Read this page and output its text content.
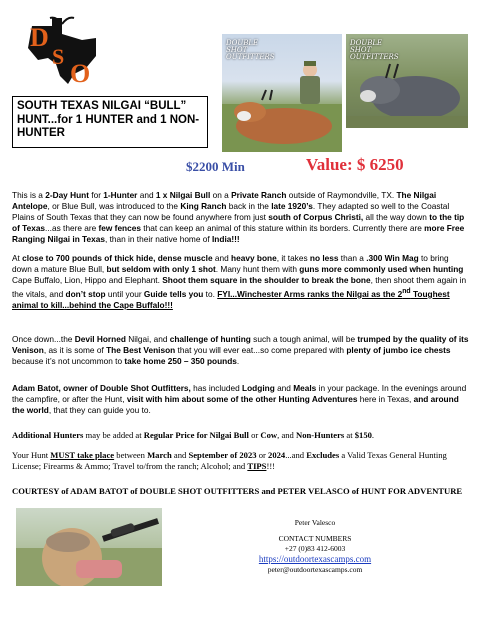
D
S
O
DOUBLE
SHOT
OUTFITTERS
DOUBLE
SHOT
OUTFITTERS
SOUTH TEXAS NILGAI “BULL” HUNT...for 1 HUNTER and 1 NON-HUNTER
$2200 Min	Value: $ 6250
This is a 2-Day Hunt for 1-Hunter and 1 x Nilgai Bull on a Private Ranch outside of Raymondville, TX. The Nilgai Antelope, or Blue Bull, was introduced to the King Ranch back in the late 1920’s. They adapted so well to the Coastal Plains of South Texas that they can now be found anywhere from just south of Corpus Christi, all the way down to the tip of Texas...as there are few fences that can keep an animal of this stature within its borders. Currently there are more Free Ranging Nilgai in Texas, than in their native home of India!!!
At close to 700 pounds of thick hide, dense muscle and heavy bone, it takes no less than a .300 Win Mag to bring down a mature Blue Bull, but seldom with only 1 shot. Many hunt them with guns more commonly used when hunting Cape Buffalo, Lion, Hippo and Elephant. Shoot them square in the shoulder to break the bone, then shoot them again in the vitals, and don’t stop until your Guide tells you to. FYI...Winchester Arms ranks the Nilgai as the 2nd Toughest animal to kill...behind the Cape Buffalo!!!
Once down...the Devil Horned Nilgai, and challenge of hunting such a tough animal, will be trumped by the quality of its Venison, as it is some of The Best Venison that you will ever eat...so come prepared with plenty of jumbo ice chests because it’s not uncommon to take home 250 – 350 pounds.
Adam Batot, owner of Double Shot Outfitters, has included Lodging and Meals in your package. In the evenings around the campfire, or after the Hunt, visit with him about some of the other Hunting Adventures here in Texas, and around the world, that they can guide you to.
Additional Hunters may be added at Regular Price for Nilgai Bull or Cow, and Non-Hunters at $150.
Your Hunt MUST take place between March and September of 2023 or 2024...and Excludes a Valid Texas General Hunting License; Firearms & Ammo; Travel to/from the ranch; Alcohol; and TIPS!!!
COURTESY of ADAM BATOT of DOUBLE SHOT OUTFITTERS and PETER VELASCO of HUNT FOR ADVENTURE
Peter Valesco
CONTACT NUMBERS
+27 (0)83 412-6003
https://outdoortexascamps.com
peter@outdoortexascamps.com
